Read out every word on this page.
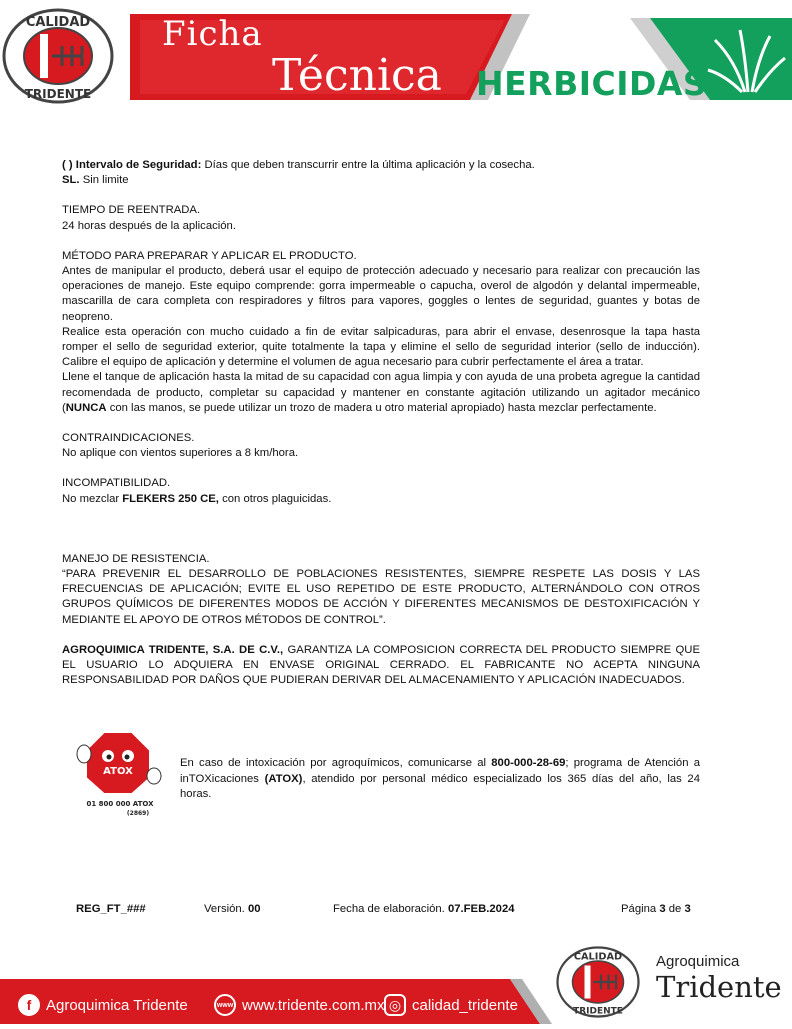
Ficha
Técnica HERBICIDAS
CALIDAD
TRIDENTE

( ) Intervalo de Seguridad: Días que deben transcurrir entre la última aplicación y la cosecha.

SL. Sin limite

TIEMPO DE REENTRADA.

24 horas después de la aplicación.

MÉTODO PARA PREPARAR Y APLICAR EL PRODUCTO.

Antes de manipular el producto, deberá usar el equipo de protección adecuado y necesario para realizar con precaución las operaciones de manejo. Este equipo comprende: gorra impermeable o capucha, overol de algodón y delantal impermeable, mascarilla de cara completa con respiradores y filtros para vapores, goggles o lentes de seguridad, guantes y botas de neopreno.

Realice esta operación con mucho cuidado a fin de evitar salpicaduras, para abrir el envase, desenrosque la tapa hasta romper el sello de seguridad exterior, quite totalmente la tapa y elimine el sello de seguridad interior (sello de inducción). Calibre el equipo de aplicación y determine el volumen de agua necesario para cubrir perfectamente el área a tratar.

Llene el tanque de aplicación hasta la mitad de su capacidad con agua limpia y con ayuda de una probeta agregue la cantidad recomendada de producto, completar su capacidad y mantener en constante agitación utilizando un agitador mecánico (NUNCA con las manos, se puede utilizar un trozo de madera u otro material apropiado) hasta mezclar perfectamente.

CONTRAINDICACIONES.

No aplique con vientos superiores a 8 km/hora.

INCOMPATIBILIDAD.

No mezclar FLEKERS 250 CE, con otros plaguicidas.

MANEJO DE RESISTENCIA.

“PARA PREVENIR EL DESARROLLO DE POBLACIONES RESISTENTES, SIEMPRE RESPETE LAS DOSIS Y LAS FRECUENCIAS DE APLICACIÓN; EVITE EL USO REPETIDO DE ESTE PRODUCTO, ALTERNÁNDOLO CON OTROS GRUPOS QUÍMICOS DE DIFERENTES MODOS DE ACCIÓN Y DIFERENTES MECANISMOS DE DESTOXIFICACIÓN Y MEDIANTE EL APOYO DE OTROS MÉTODOS DE CONTROL”.

AGROQUIMICA TRIDENTE, S.A. DE C.V., GARANTIZA LA COMPOSICION CORRECTA DEL PRODUCTO SIEMPRE QUE EL USUARIO LO ADQUIERA EN ENVASE ORIGINAL CERRADO. EL FABRICANTE NO ACEPTA NINGUNA RESPONSABILIDAD POR DAÑOS QUE PUDIERAN DERIVAR DEL ALMACENAMIENTO Y APLICACIÓN INADECUADOS.

ATOX
01 800 000 ATOX
(2869)
En caso de intoxicación por agroquímicos, comunicarse al 800-000-28-69; programa de Atención a inTOXicaciones (ATOX), atendido por personal médico especializado los 365 días del año, las 24 horas.
REG_FT_###	Versión. 00	Fecha de elaboración. 07.FEB.2024	Página 3 de 3
f Agroquimica Tridente	www www.tridente.com.mx ◎ calidad_tridente
CALIDAD
TRIDENTE
Agroquimica
Tridente
